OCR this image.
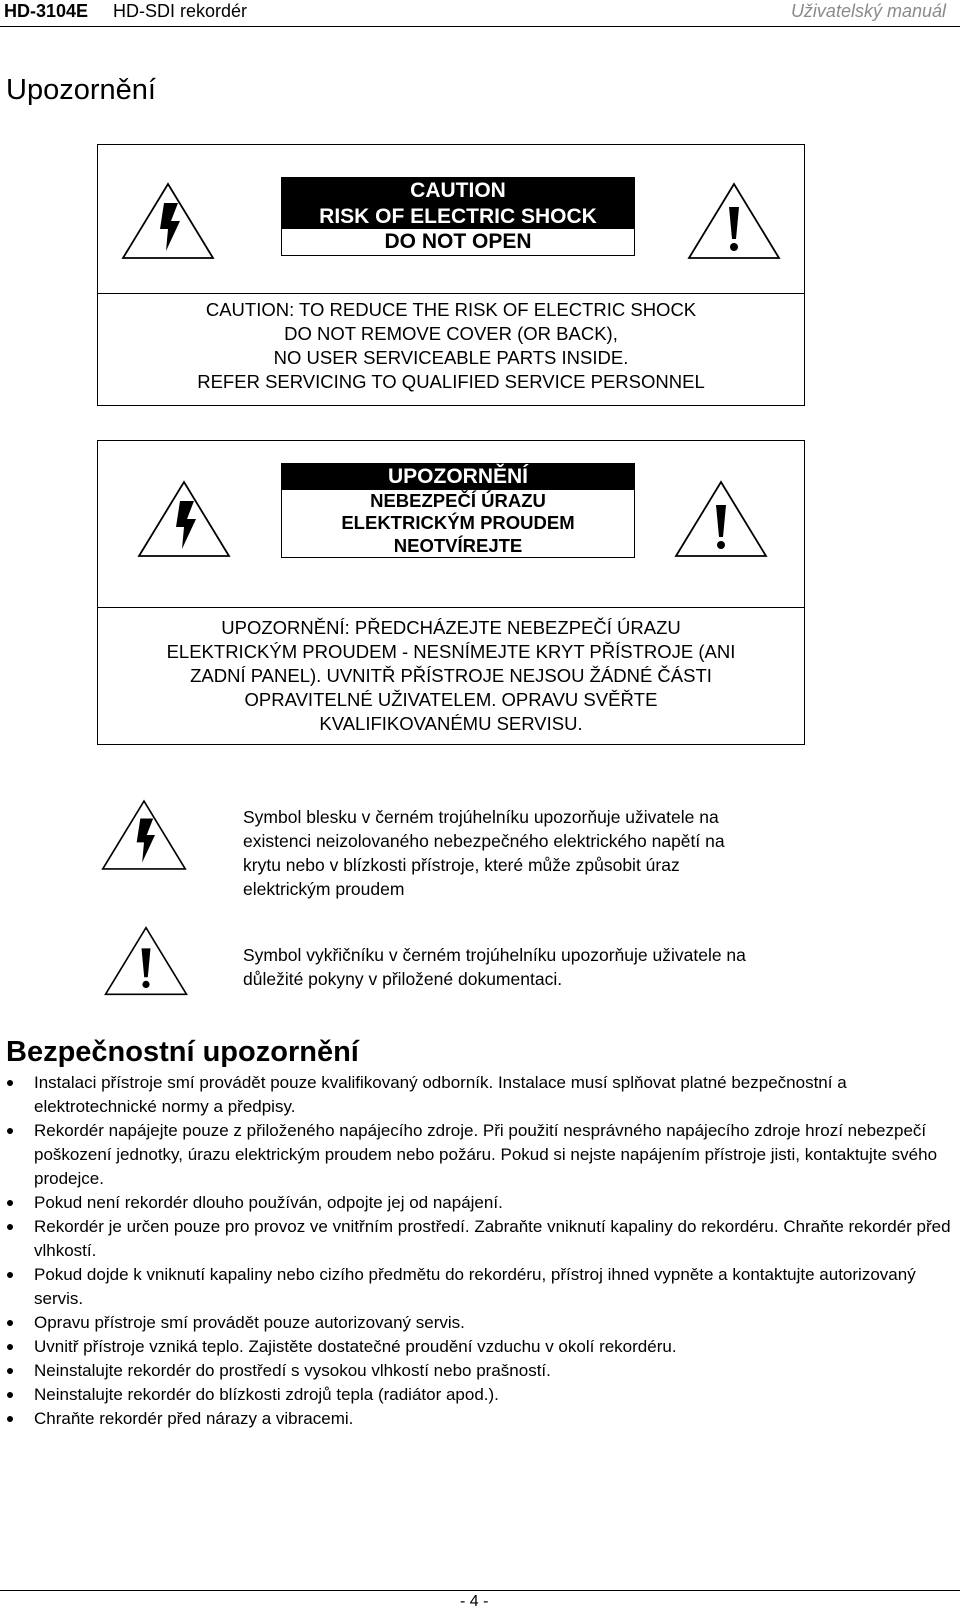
HD-3104E HD-SDI rekordér	Uživatelský manuál
Upozornění
CAUTION
RISK OF ELECTRIC SHOCK
DO NOT OPEN
CAUTION: TO REDUCE THE RISK OF ELECTRIC SHOCK
DO NOT REMOVE COVER (OR BACK),
NO USER SERVICEABLE PARTS INSIDE.
REFER SERVICING TO QUALIFIED SERVICE PERSONNEL
UPOZORNĚNÍ
NEBEZPEČÍ ÚRAZU
ELEKTRICKÝM PROUDEM
NEOTVÍREJTE
UPOZORNĚNÍ: PŘEDCHÁZEJTE NEBEZPEČÍ ÚRAZU
ELEKTRICKÝM PROUDEM - NESNÍMEJTE KRYT PŘÍSTROJE (ANI
ZADNÍ PANEL). UVNITŘ PŘÍSTROJE NEJSOU ŽÁDNÉ ČÁSTI
OPRAVITELNÉ UŽIVATELEM. OPRAVU SVĚŘTE
KVALIFIKOVANÉMU SERVISU.
Symbol blesku v černém trojúhelníku upozorňuje uživatele na
existenci neizolovaného nebezpečného elektrického napětí na
krytu nebo v blízkosti přístroje, které může způsobit úraz
elektrickým proudem
Symbol vykřičníku v černém trojúhelníku upozorňuje uživatele na
důležité pokyny v přiložené dokumentaci.
Bezpečnostní upozornění
Instalaci přístroje smí provádět pouze kvalifikovaný odborník. Instalace musí splňovat platné bezpečnostní a elektrotechnické normy a předpisy.
Rekordér napájejte pouze z přiloženého napájecího zdroje. Při použití nesprávného napájecího zdroje hrozí nebezpečí poškození jednotky, úrazu elektrickým proudem nebo požáru. Pokud si nejste napájením přístroje jisti, kontaktujte svého prodejce.
Pokud není rekordér dlouho používán, odpojte jej od napájení.
Rekordér je určen pouze pro provoz ve vnitřním prostředí. Zabraňte vniknutí kapaliny do rekordéru. Chraňte rekordér před vlhkostí.
Pokud dojde k vniknutí kapaliny nebo cizího předmětu do rekordéru, přístroj ihned vypněte a kontaktujte autorizovaný servis.
Opravu přístroje smí provádět pouze autorizovaný servis.
Uvnitř přístroje vzniká teplo. Zajistěte dostatečné proudění vzduchu v okolí rekordéru.
Neinstalujte rekordér do prostředí s vysokou vlhkostí nebo prašností.
Neinstalujte rekordér do blízkosti zdrojů tepla (radiátor apod.).
Chraňte rekordér před nárazy a vibracemi.
- 4 -
